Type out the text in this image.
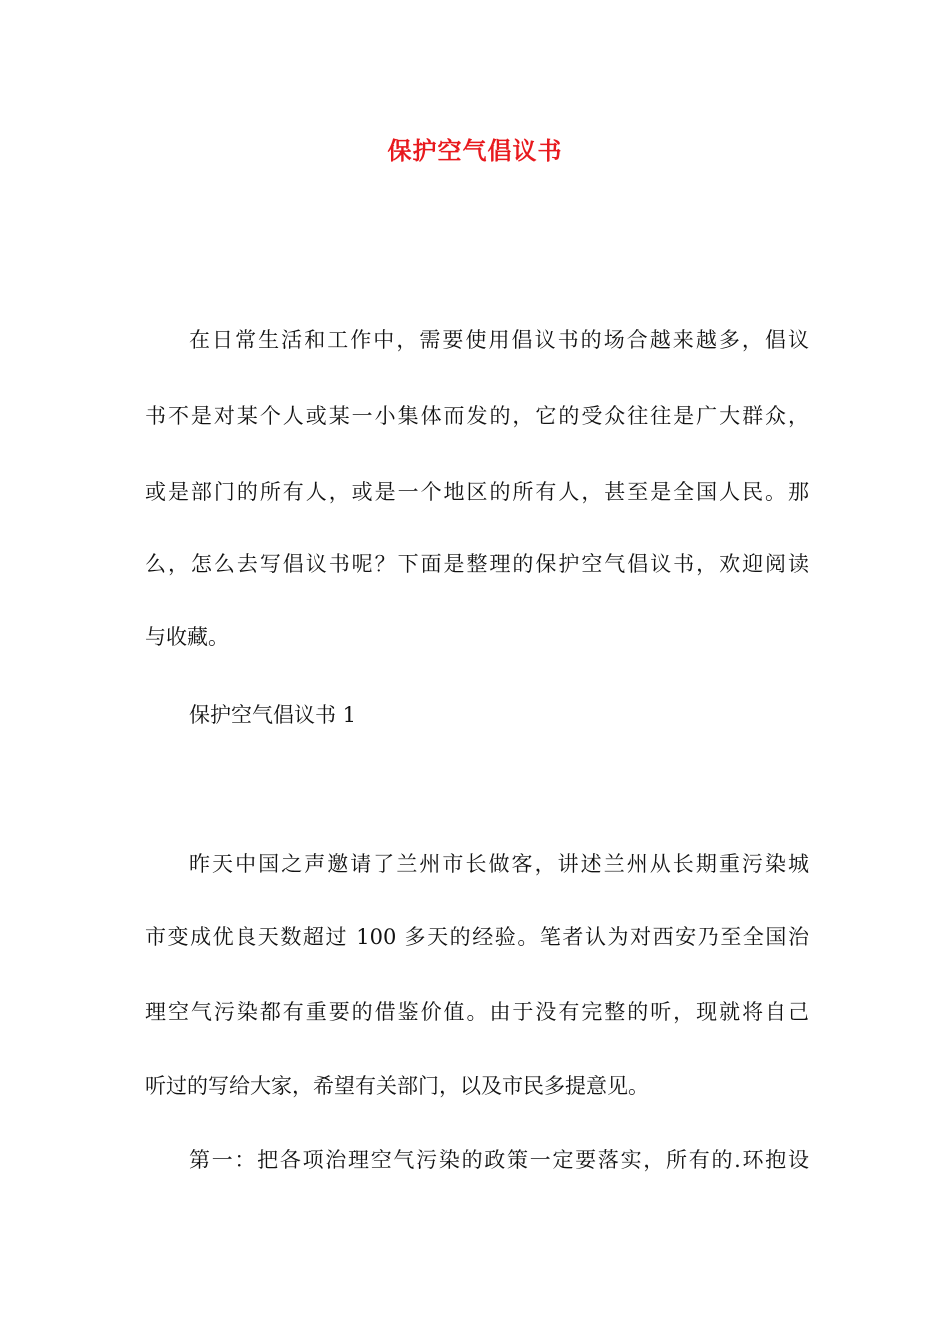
保护空气倡议书
在日常生活和工作中，需要使用倡议书的场合越来越多，倡议
书不是对某个人或某一小集体而发的，它的受众往往是广大群众，
或是部门的所有人，或是一个地区的所有人，甚至是全国人民。那
么，怎么去写倡议书呢？下面是整理的保护空气倡议书，欢迎阅读
与收藏。
保护空气倡议书 1
昨天中国之声邀请了兰州市长做客，讲述兰州从长期重污染城
市变成优良天数超过 100 多天的经验。笔者认为对西安乃至全国治
理空气污染都有重要的借鉴价值。由于没有完整的听，现就将自己
听过的写给大家，希望有关部门，以及市民多提意见。
第一：把各项治理空气污染的政策一定要落实，所有的.环抱设
